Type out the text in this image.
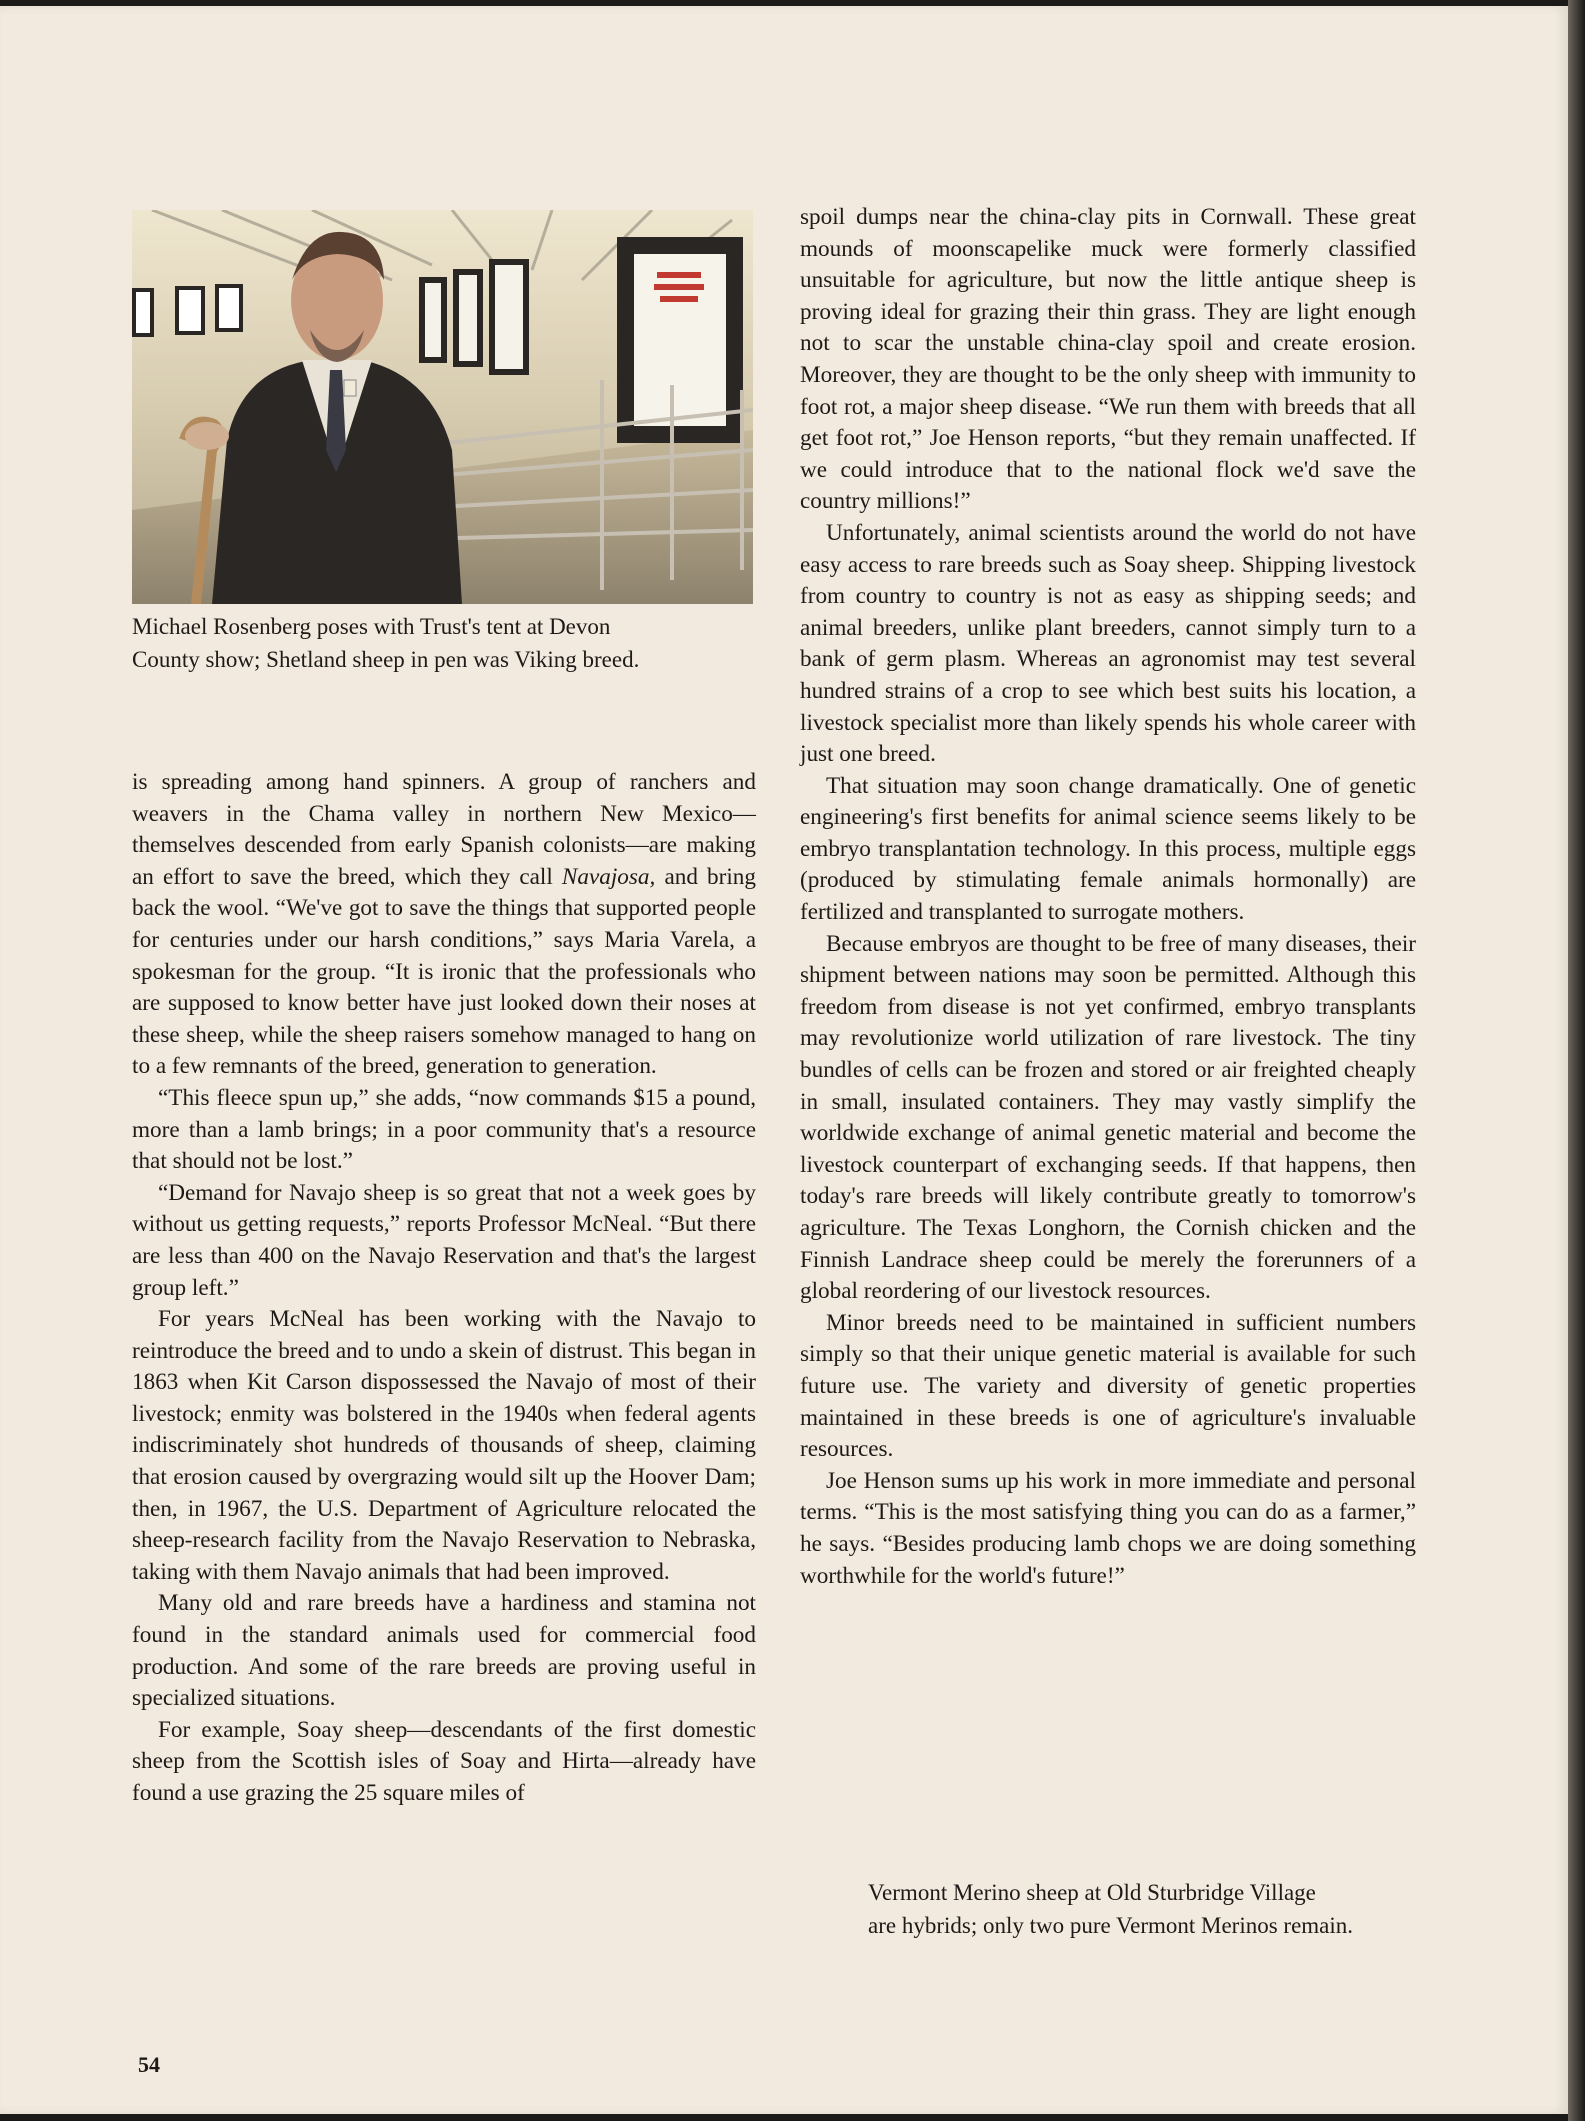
Michael Rosenberg poses with Trust's tent at Devon
County show; Shetland sheep in pen was Viking breed.

is spreading among hand spinners. A group of ranchers and weavers in the Chama valley in northern New Mexico—themselves descended from early Spanish colonists—are making an effort to save the breed, which they call Navajosa, and bring back the wool. “We've got to save the things that supported people for centuries under our harsh conditions,” says Maria Varela, a spokesman for the group. “It is ironic that the professionals who are supposed to know better have just looked down their noses at these sheep, while the sheep raisers somehow managed to hang on to a few remnants of the breed, generation to generation.

“This fleece spun up,” she adds, “now commands $15 a pound, more than a lamb brings; in a poor community that's a resource that should not be lost.”

“Demand for Navajo sheep is so great that not a week goes by without us getting requests,” reports Professor McNeal. “But there are less than 400 on the Navajo Reservation and that's the largest group left.”

For years McNeal has been working with the Navajo to reintroduce the breed and to undo a skein of distrust. This began in 1863 when Kit Carson dispossessed the Navajo of most of their livestock; enmity was bolstered in the 1940s when federal agents indiscriminately shot hundreds of thousands of sheep, claiming that erosion caused by overgrazing would silt up the Hoover Dam; then, in 1967, the U.S. Department of Agriculture relocated the sheep-research facility from the Navajo Reservation to Nebraska, taking with them Navajo animals that had been improved.

Many old and rare breeds have a hardiness and stamina not found in the standard animals used for commercial food production. And some of the rare breeds are proving useful in specialized situations.

For example, Soay sheep—descendants of the first domestic sheep from the Scottish isles of Soay and Hirta—already have found a use grazing the 25 square miles of

spoil dumps near the china-clay pits in Cornwall. These great mounds of moonscapelike muck were formerly classified unsuitable for agriculture, but now the little antique sheep is proving ideal for grazing their thin grass. They are light enough not to scar the unstable china-clay spoil and create erosion. Moreover, they are thought to be the only sheep with immunity to foot rot, a major sheep disease. “We run them with breeds that all get foot rot,” Joe Henson reports, “but they remain unaffected. If we could introduce that to the national flock we'd save the country millions!”

Unfortunately, animal scientists around the world do not have easy access to rare breeds such as Soay sheep. Shipping livestock from country to country is not as easy as shipping seeds; and animal breeders, unlike plant breeders, cannot simply turn to a bank of germ plasm. Whereas an agronomist may test several hundred strains of a crop to see which best suits his location, a livestock specialist more than likely spends his whole career with just one breed.

That situation may soon change dramatically. One of genetic engineering's first benefits for animal science seems likely to be embryo transplantation technology. In this process, multiple eggs (produced by stimulating female animals hormonally) are fertilized and transplanted to surrogate mothers.

Because embryos are thought to be free of many diseases, their shipment between nations may soon be permitted. Although this freedom from disease is not yet confirmed, embryo transplants may revolutionize world utilization of rare livestock. The tiny bundles of cells can be frozen and stored or air freighted cheaply in small, insulated containers. They may vastly simplify the worldwide exchange of animal genetic material and become the livestock counterpart of exchanging seeds. If that happens, then today's rare breeds will likely contribute greatly to tomorrow's agriculture. The Texas Longhorn, the Cornish chicken and the Finnish Landrace sheep could be merely the forerunners of a global reordering of our livestock resources.

Minor breeds need to be maintained in sufficient numbers simply so that their unique genetic material is available for such future use. The variety and diversity of genetic properties maintained in these breeds is one of agriculture's invaluable resources.

Joe Henson sums up his work in more immediate and personal terms. “This is the most satisfying thing you can do as a farmer,” he says. “Besides producing lamb chops we are doing something worthwhile for the world's future!”

Vermont Merino sheep at Old Sturbridge Village
are hybrids; only two pure Vermont Merinos remain.

54
